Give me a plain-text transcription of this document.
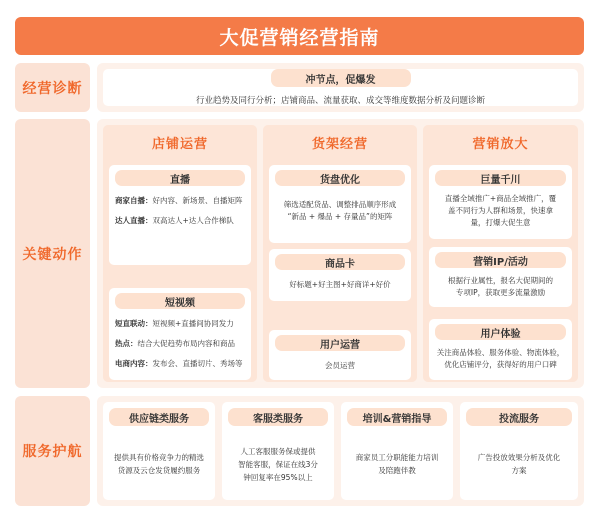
大促营销经营指南
经营诊断
冲节点，促爆发
行业趋势及同行分析；店铺商品、流量获取、成交等维度数据分析及问题诊断
关键动作
店铺运营
直播
商家自播：好内容、新场景、自播矩阵
达人直播：双高达人+达人合作梯队
短视频
短直联动：短视频+直播间协同发力
热点：结合大促趋势布局内容和商品
电商内容：发布会、直播切片、秀场等
货架经营
货盘优化
筛选适配货品、调整排品顺序形成
“新品 + 爆品 + 存量品”的矩阵
商品卡
好标题+好主图+好商详+好价
用户运营
会员运营
营销放大
巨量千川
直播全域推广+商品全域推广，覆
盖不同行为人群和场景，快速拿
量，打爆大促生意
营销IP/活动
根据行业属性，报名大促期间的
专项IP，获取更多流量激励
用户体验
关注商品体验、服务体验、物流体验，
优化店铺评分，获得好的用户口碑
服务护航
供应链类服务
提供具有价格竞争力的精选
货源及云仓发货履约服务
客服类服务
人工客服服务保或提供
智能客服，保证在线3分
钟回复率在95%以上
培训&营销指导
商家员工分职能能力培训
及陪跑伴教
投流服务
广告投放效果分析及优化
方案
